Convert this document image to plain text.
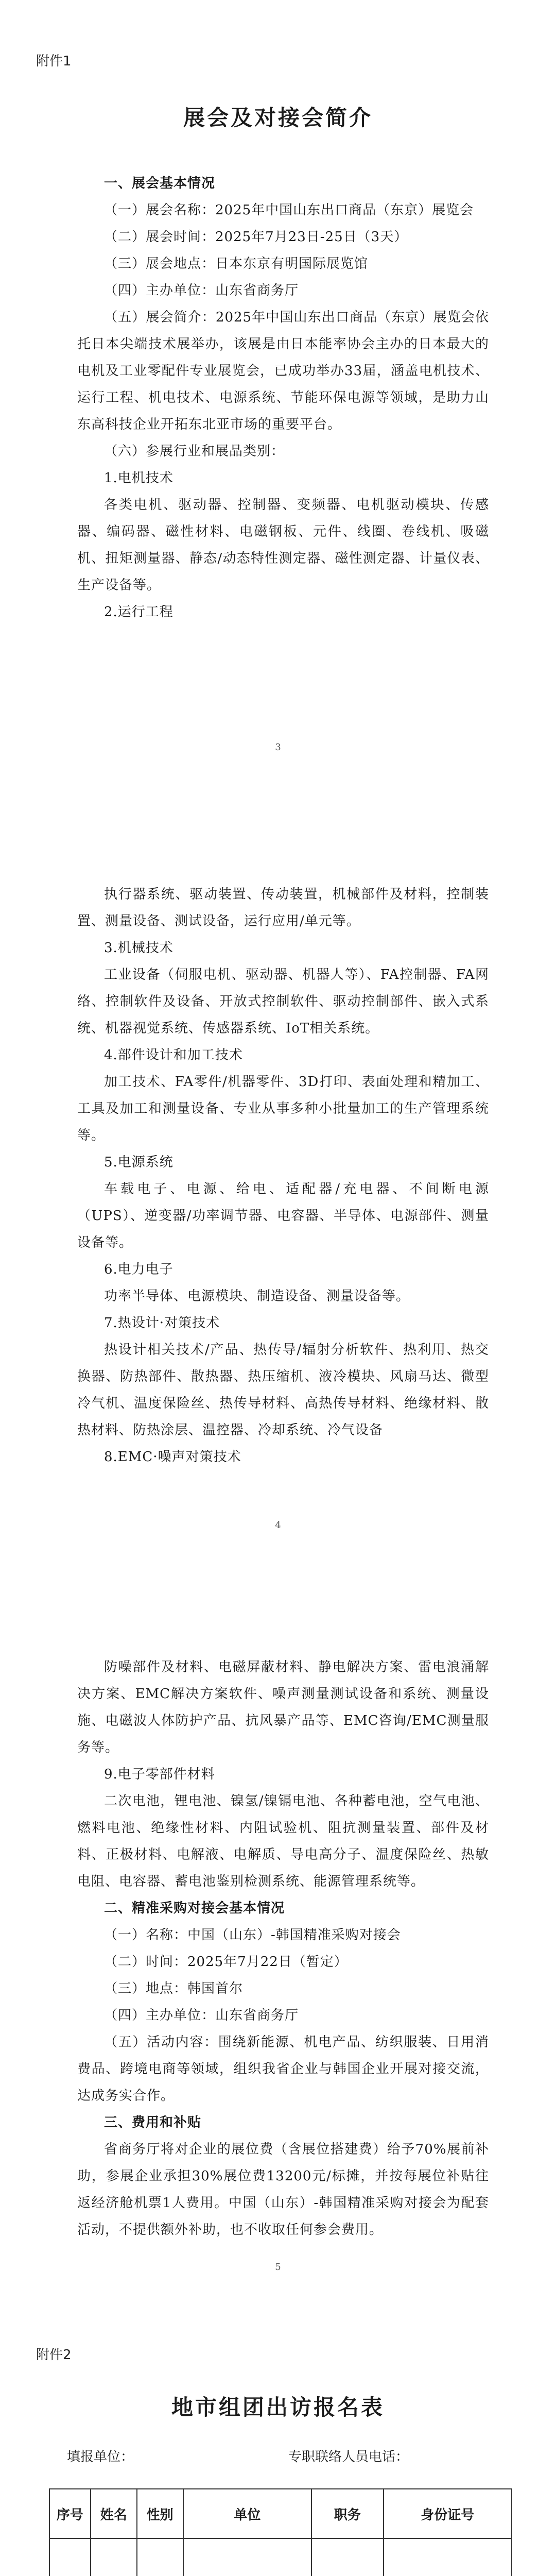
附件1
展会及对接会简介

一、展会基本情况

（一）展会名称：2025年中国山东出口商品（东京）展览会

（二）展会时间：2025年7月23日-25日（3天）

（三）展会地点：日本东京有明国际展览馆

（四）主办单位：山东省商务厅

（五）展会简介：2025年中国山东出口商品（东京）展览会依托日本尖端技术展举办，该展是由日本能率协会主办的日本最大的电机及工业零配件专业展览会，已成功举办33届，涵盖电机技术、运行工程、机电技术、电源系统、节能环保电源等领域，是助力山东高科技企业开拓东北亚市场的重要平台。

（六）参展行业和展品类别：

1.电机技术

各类电机、驱动器、控制器、变频器、电机驱动模块、传感器、编码器、磁性材料、电磁钢板、元件、线圈、卷线机、吸磁机、扭矩测量器、静态/动态特性测定器、磁性测定器、计量仪表、生产设备等。

2.运行工程

3

执行器系统、驱动装置、传动装置，机械部件及材料，控制装置、测量设备、测试设备，运行应用/单元等。

3.机械技术

工业设备（伺服电机、驱动器、机器人等）、FA控制器、FA网络、控制软件及设备、开放式控制软件、驱动控制部件、嵌入式系统、机器视觉系统、传感器系统、IoT相关系统。

4.部件设计和加工技术

加工技术、FA零件/机器零件、3D打印、表面处理和精加工、工具及加工和测量设备、专业从事多种小批量加工的生产管理系统等。

5.电源系统

车载电子、电源、给电、适配器/充电器、不间断电源（UPS）、逆变器/功率调节器、电容器、半导体、电源部件、测量设备等。

6.电力电子

功率半导体、电源模块、制造设备、测量设备等。

7.热设计·对策技术

热设计相关技术/产品、热传导/辐射分析软件、热利用、热交换器、防热部件、散热器、热压缩机、液冷模块、风扇马达、微型冷气机、温度保险丝、热传导材料、高热传导材料、绝缘材料、散热材料、防热涂层、温控器、冷却系统、冷气设备

8.EMC·噪声对策技术

4

防噪部件及材料、电磁屏蔽材料、静电解决方案、雷电浪涌解决方案、EMC解决方案软件、噪声测量测试设备和系统、测量设施、电磁波人体防护产品、抗风暴产品等、EMC咨询/EMC测量服务等。

9.电子零部件材料

二次电池，锂电池、镍氢/镍镉电池、各种蓄电池，空气电池、燃料电池、绝缘性材料、内阻试验机、阻抗测量装置、部件及材料、正极材料、电解液、电解质、导电高分子、温度保险丝、热敏电阻、电容器、蓄电池鉴别检测系统、能源管理系统等。

二、精准采购对接会基本情况

（一）名称：中国（山东）-韩国精准采购对接会

（二）时间：2025年7月22日（暂定）

（三）地点：韩国首尔

（四）主办单位：山东省商务厅

（五）活动内容：围绕新能源、机电产品、纺织服装、日用消费品、跨境电商等领域，组织我省企业与韩国企业开展对接交流，达成务实合作。

三、费用和补贴

省商务厅将对企业的展位费（含展位搭建费）给予70%展前补助，参展企业承担30%展位费13200元/标摊，并按每展位补贴往返经济舱机票1人费用。中国（山东）-韩国精准采购对接会为配套活动，不提供额外补助，也不收取任何参会费用。

5
附件2
地市组团出访报名表
填报单位：	专职联络人员电话：
序号	姓名	性别	单位	职务	身份证号
